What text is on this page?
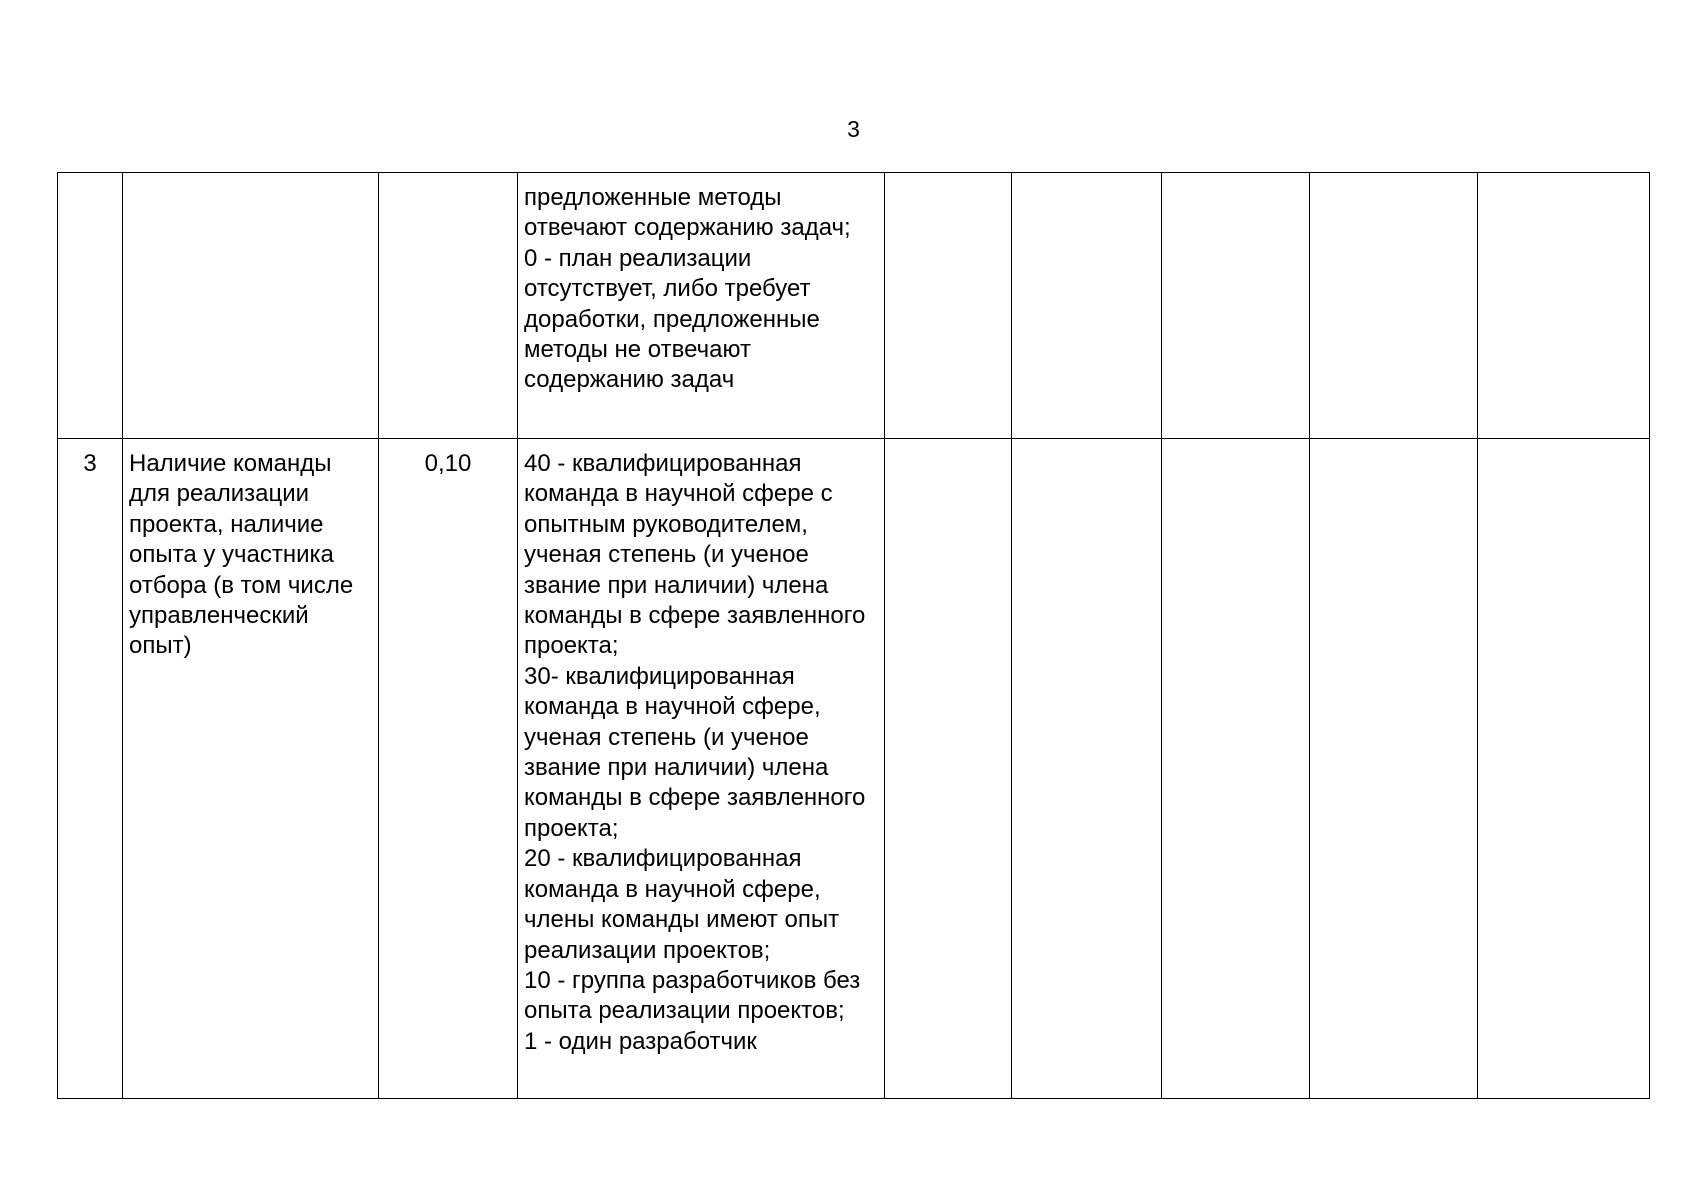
3

			предложенные методы отвечают содержанию задач;
0 - план реализации отсутствует, либо требует доработки, предложенные методы не отвечают содержанию задач					

3	Наличие команды для реализации проекта, наличие опыта у участника отбора (в том числе управленческий опыт)	0,10	40 - квалифицированная команда в научной сфере с опытным руководителем, ученая степень (и ученое звание при наличии) члена команды в сфере заявленного проекта;
30- квалифицированная команда в научной сфере, ученая степень (и ученое звание при наличии) члена команды в сфере заявленного проекта;
20 - квалифицированная команда в научной сфере, члены команды имеют опыт реализации проектов;
10 - группа разработчиков без опыта реализации проектов;
1 - один разработчик					
